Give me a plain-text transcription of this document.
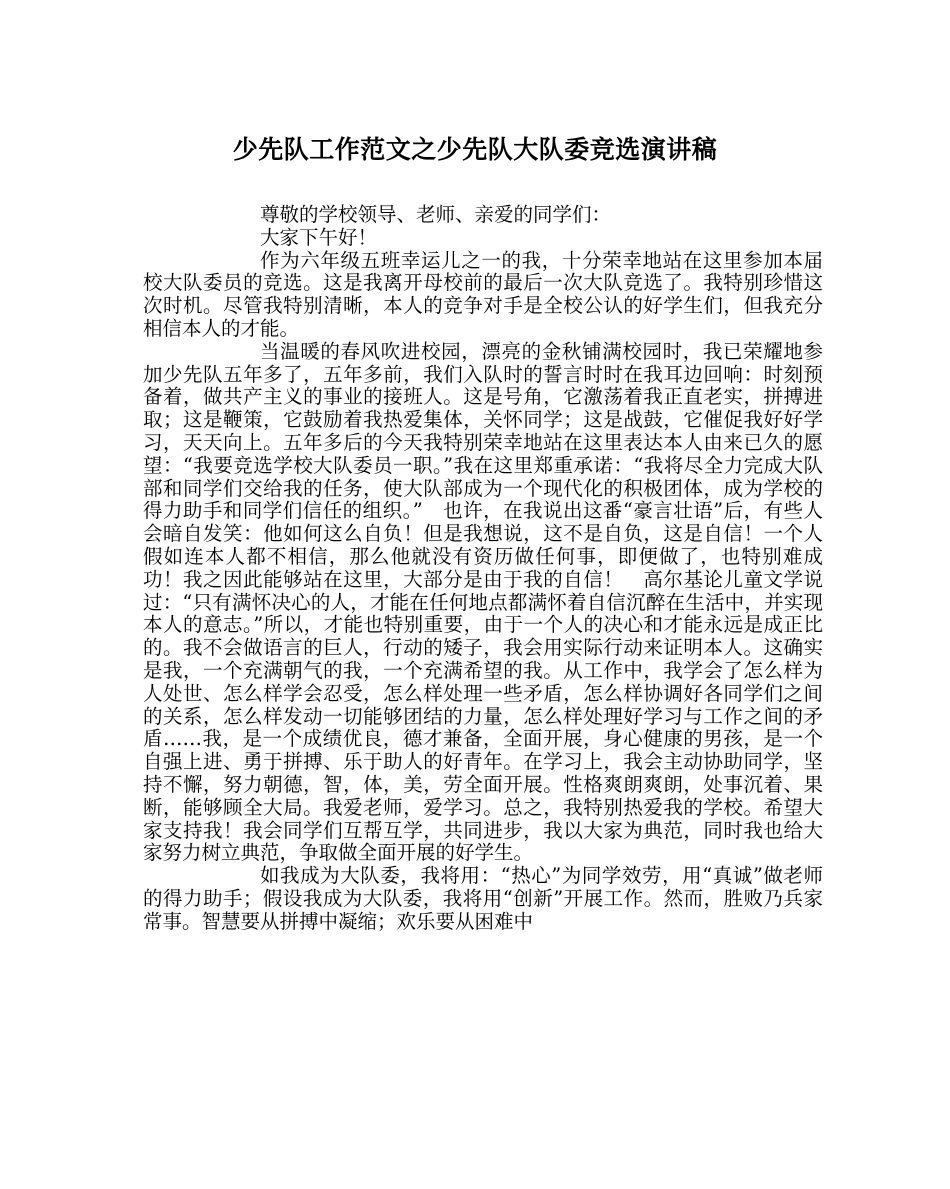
少先队工作范文之少先队大队委竞选演讲稿

尊敬的学校领导、老师、亲爱的同学们：

大家下午好！

作为六年级五班幸运儿之一的我，十分荣幸地站在这里参加本届校大队委员的竞选。这是我离开母校前的最后一次大队竞选了。我特别珍惜这次时机。尽管我特别清晰，本人的竞争对手是全校公认的好学生们，但我充分相信本人的才能。

当温暖的春风吹进校园，漂亮的金秋铺满校园时，我已荣耀地参加少先队五年多了，五年多前，我们入队时的誓言时时在我耳边回响：时刻预备着，做共产主义的事业的接班人。这是号角，它激荡着我正直老实，拼搏进取；这是鞭策，它鼓励着我热爱集体，关怀同学；这是战鼓，它催促我好好学习，天天向上。五年多后的今天我特别荣幸地站在这里表达本人由来已久的愿望：“我要竞选学校大队委员一职。”我在这里郑重承诺：“我将尽全力完成大队部和同学们交给我的任务，使大队部成为一个现代化的积极团体，成为学校的得力助手和同学们信任的组织。”　也许，在我说出这番“豪言壮语”后，有些人会暗自发笑：他如何这么自负！但是我想说，这不是自负，这是自信！一个人假如连本人都不相信，那么他就没有资历做任何事，即便做了，也特别难成功！我之因此能够站在这里，大部分是由于我的自信！　高尔基论儿童文学说过：“只有满怀决心的人，才能在任何地点都满怀着自信沉醉在生活中，并实现本人的意志。”所以，才能也特别重要，由于一个人的决心和才能永远是成正比的。我不会做语言的巨人，行动的矮子，我会用实际行动来证明本人。这确实是我，一个充满朝气的我，一个充满希望的我。从工作中，我学会了怎么样为人处世、怎么样学会忍受，怎么样处理一些矛盾，怎么样协调好各同学们之间的关系，怎么样发动一切能够团结的力量，怎么样处理好学习与工作之间的矛盾……我，是一个成绩优良，德才兼备，全面开展，身心健康的男孩，是一个自强上进、勇于拼搏、乐于助人的好青年。在学习上，我会主动协助同学，坚持不懈，努力朝德，智，体，美，劳全面开展。性格爽朗爽朗，处事沉着、果断，能够顾全大局。我爱老师，爱学习。总之，我特别热爱我的学校。希望大家支持我！我会同学们互帮互学，共同进步，我以大家为典范，同时我也给大家努力树立典范，争取做全面开展的好学生。

如我成为大队委，我将用：“热心”为同学效劳，用“真诚”做老师的得力助手；假设我成为大队委，我将用“创新”开展工作。然而，胜败乃兵家常事。智慧要从拼搏中凝缩；欢乐要从困难中
